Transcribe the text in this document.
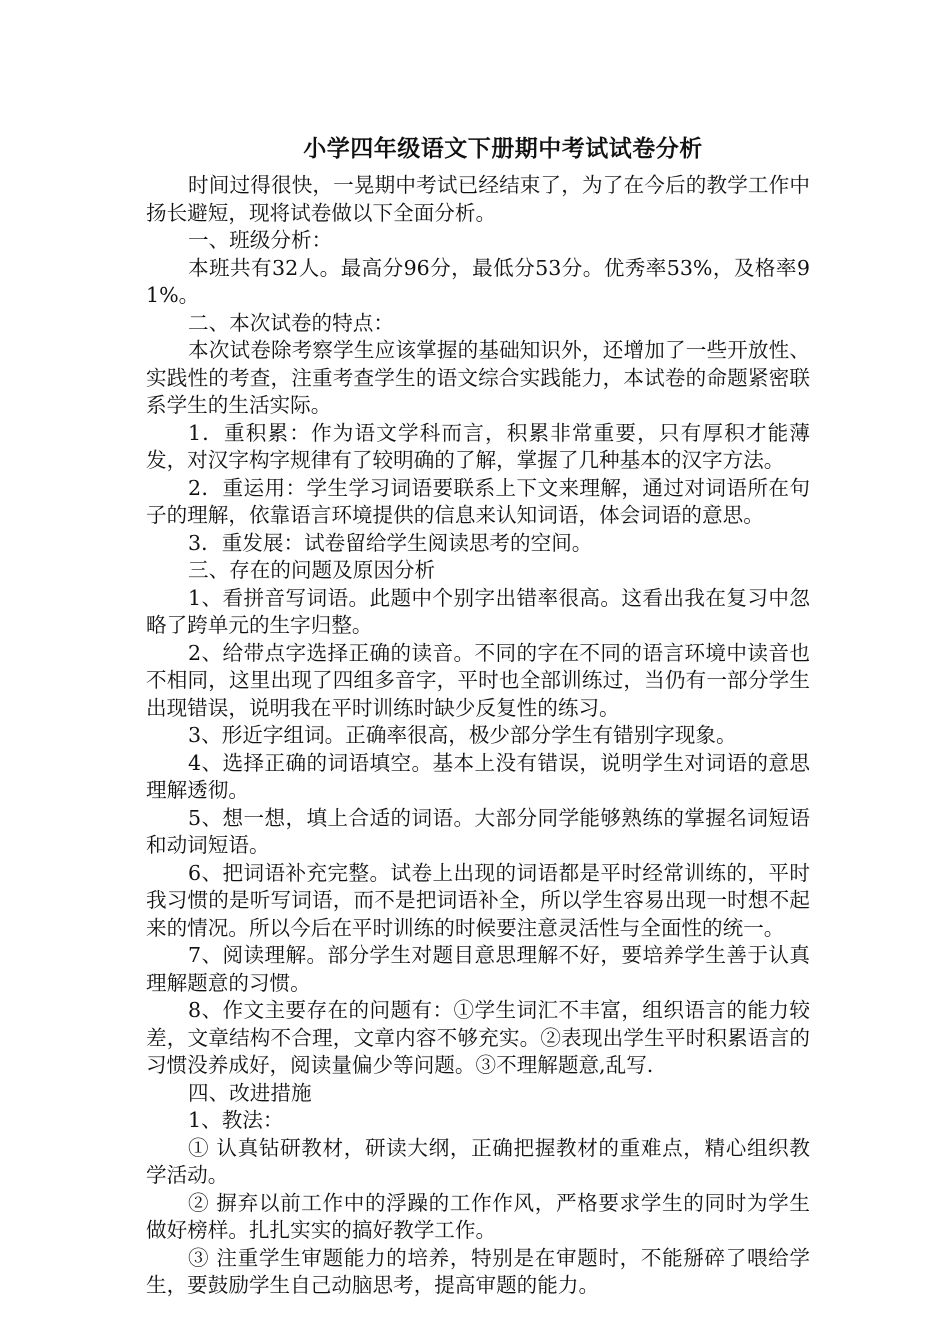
小学四年级语文下册期中考试试卷分析

时间过得很快，一晃期中考试已经结束了，为了在今后的教学工作中扬长避短，现将试卷做以下全面分析。

一、班级分析：

本班共有32人。最高分96分，最低分53分。优秀率53%，及格率91%。

二、本次试卷的特点：

本次试卷除考察学生应该掌握的基础知识外，还增加了一些开放性、实践性的考查，注重考查学生的语文综合实践能力，本试卷的命题紧密联系学生的生活实际。

1．重积累：作为语文学科而言，积累非常重要，只有厚积才能薄发，对汉字构字规律有了较明确的了解，掌握了几种基本的汉字方法。

2．重运用：学生学习词语要联系上下文来理解，通过对词语所在句子的理解，依靠语言环境提供的信息来认知词语，体会词语的意思。

3．重发展：试卷留给学生阅读思考的空间。

三、存在的问题及原因分析

1、看拼音写词语。此题中个别字出错率很高。这看出我在复习中忽略了跨单元的生字归整。

2、给带点字选择正确的读音。不同的字在不同的语言环境中读音也不相同，这里出现了四组多音字，平时也全部训练过，当仍有一部分学生出现错误，说明我在平时训练时缺少反复性的练习。

3、形近字组词。正确率很高，极少部分学生有错别字现象。

4、选择正确的词语填空。基本上没有错误，说明学生对词语的意思理解透彻。

5、想一想，填上合适的词语。大部分同学能够熟练的掌握名词短语和动词短语。

6、把词语补充完整。试卷上出现的词语都是平时经常训练的，平时我习惯的是听写词语，而不是把词语补全，所以学生容易出现一时想不起来的情况。所以今后在平时训练的时候要注意灵活性与全面性的统一。

7、阅读理解。部分学生对题目意思理解不好，要培养学生善于认真理解题意的习惯。

8、作文主要存在的问题有：①学生词汇不丰富，组织语言的能力较差，文章结构不合理，文章内容不够充实。②表现出学生平时积累语言的习惯没养成好，阅读量偏少等问题。③不理解题意,乱写.

四、改进措施

1、教法：

① 认真钻研教材，研读大纲，正确把握教材的重难点，精心组织教学活动。

② 摒弃以前工作中的浮躁的工作作风，严格要求学生的同时为学生做好榜样。扎扎实实的搞好教学工作。

③ 注重学生审题能力的培养，特别是在审题时，不能掰碎了喂给学生，要鼓励学生自己动脑思考，提高审题的能力。
